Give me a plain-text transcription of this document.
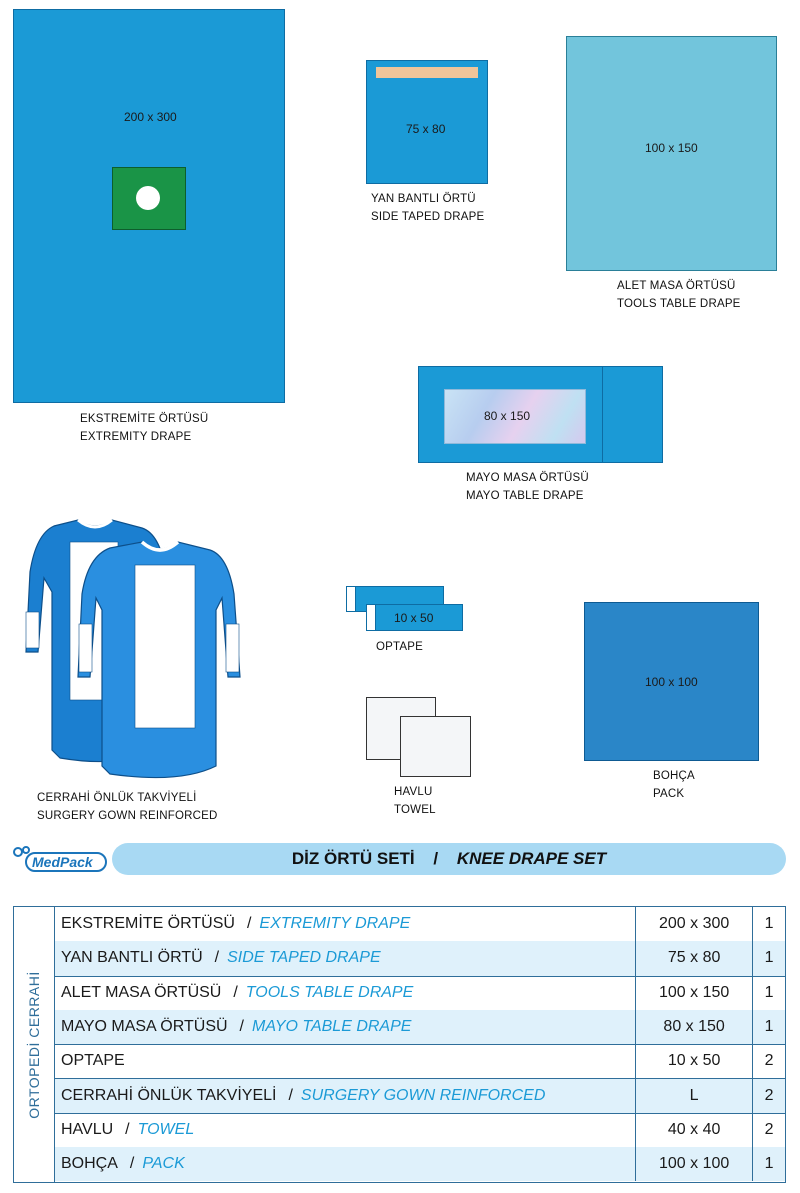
200 x 300
EKSTREMİTE ÖRTÜSÜ
EXTREMITY DRAPE
75 x 80
YAN BANTLI ÖRTÜ
SIDE TAPED DRAPE
100 x 150
ALET MASA ÖRTÜSÜ
TOOLS TABLE DRAPE
80 x 150
MAYO MASA ÖRTÜSÜ
MAYO TABLE DRAPE
CERRAHİ ÖNLÜK TAKVİYELİ
SURGERY GOWN REINFORCED
10 x 50
OPTAPE
HAVLU
TOWEL
100 x 100
BOHÇA
PACK
MedPack	DİZ ÖRTÜ SETİ / KNEE DRAPE SET
ORTOPEDİ CERRAHİ
EKSTREMİTE ÖRTÜSÜ / EXTREMITY DRAPE	200 x 300	1
YAN BANTLI ÖRTÜ / SIDE TAPED DRAPE	75 x 80	1
ALET MASA ÖRTÜSÜ / TOOLS TABLE DRAPE	100 x 150	1
MAYO MASA ÖRTÜSÜ / MAYO TABLE DRAPE	80 x 150	1
OPTAPE	10 x 50	2
CERRAHİ ÖNLÜK TAKVİYELİ / SURGERY GOWN REINFORCED	L	2
HAVLU / TOWEL	40 x 40	2
BOHÇA / PACK	100 x 100	1
